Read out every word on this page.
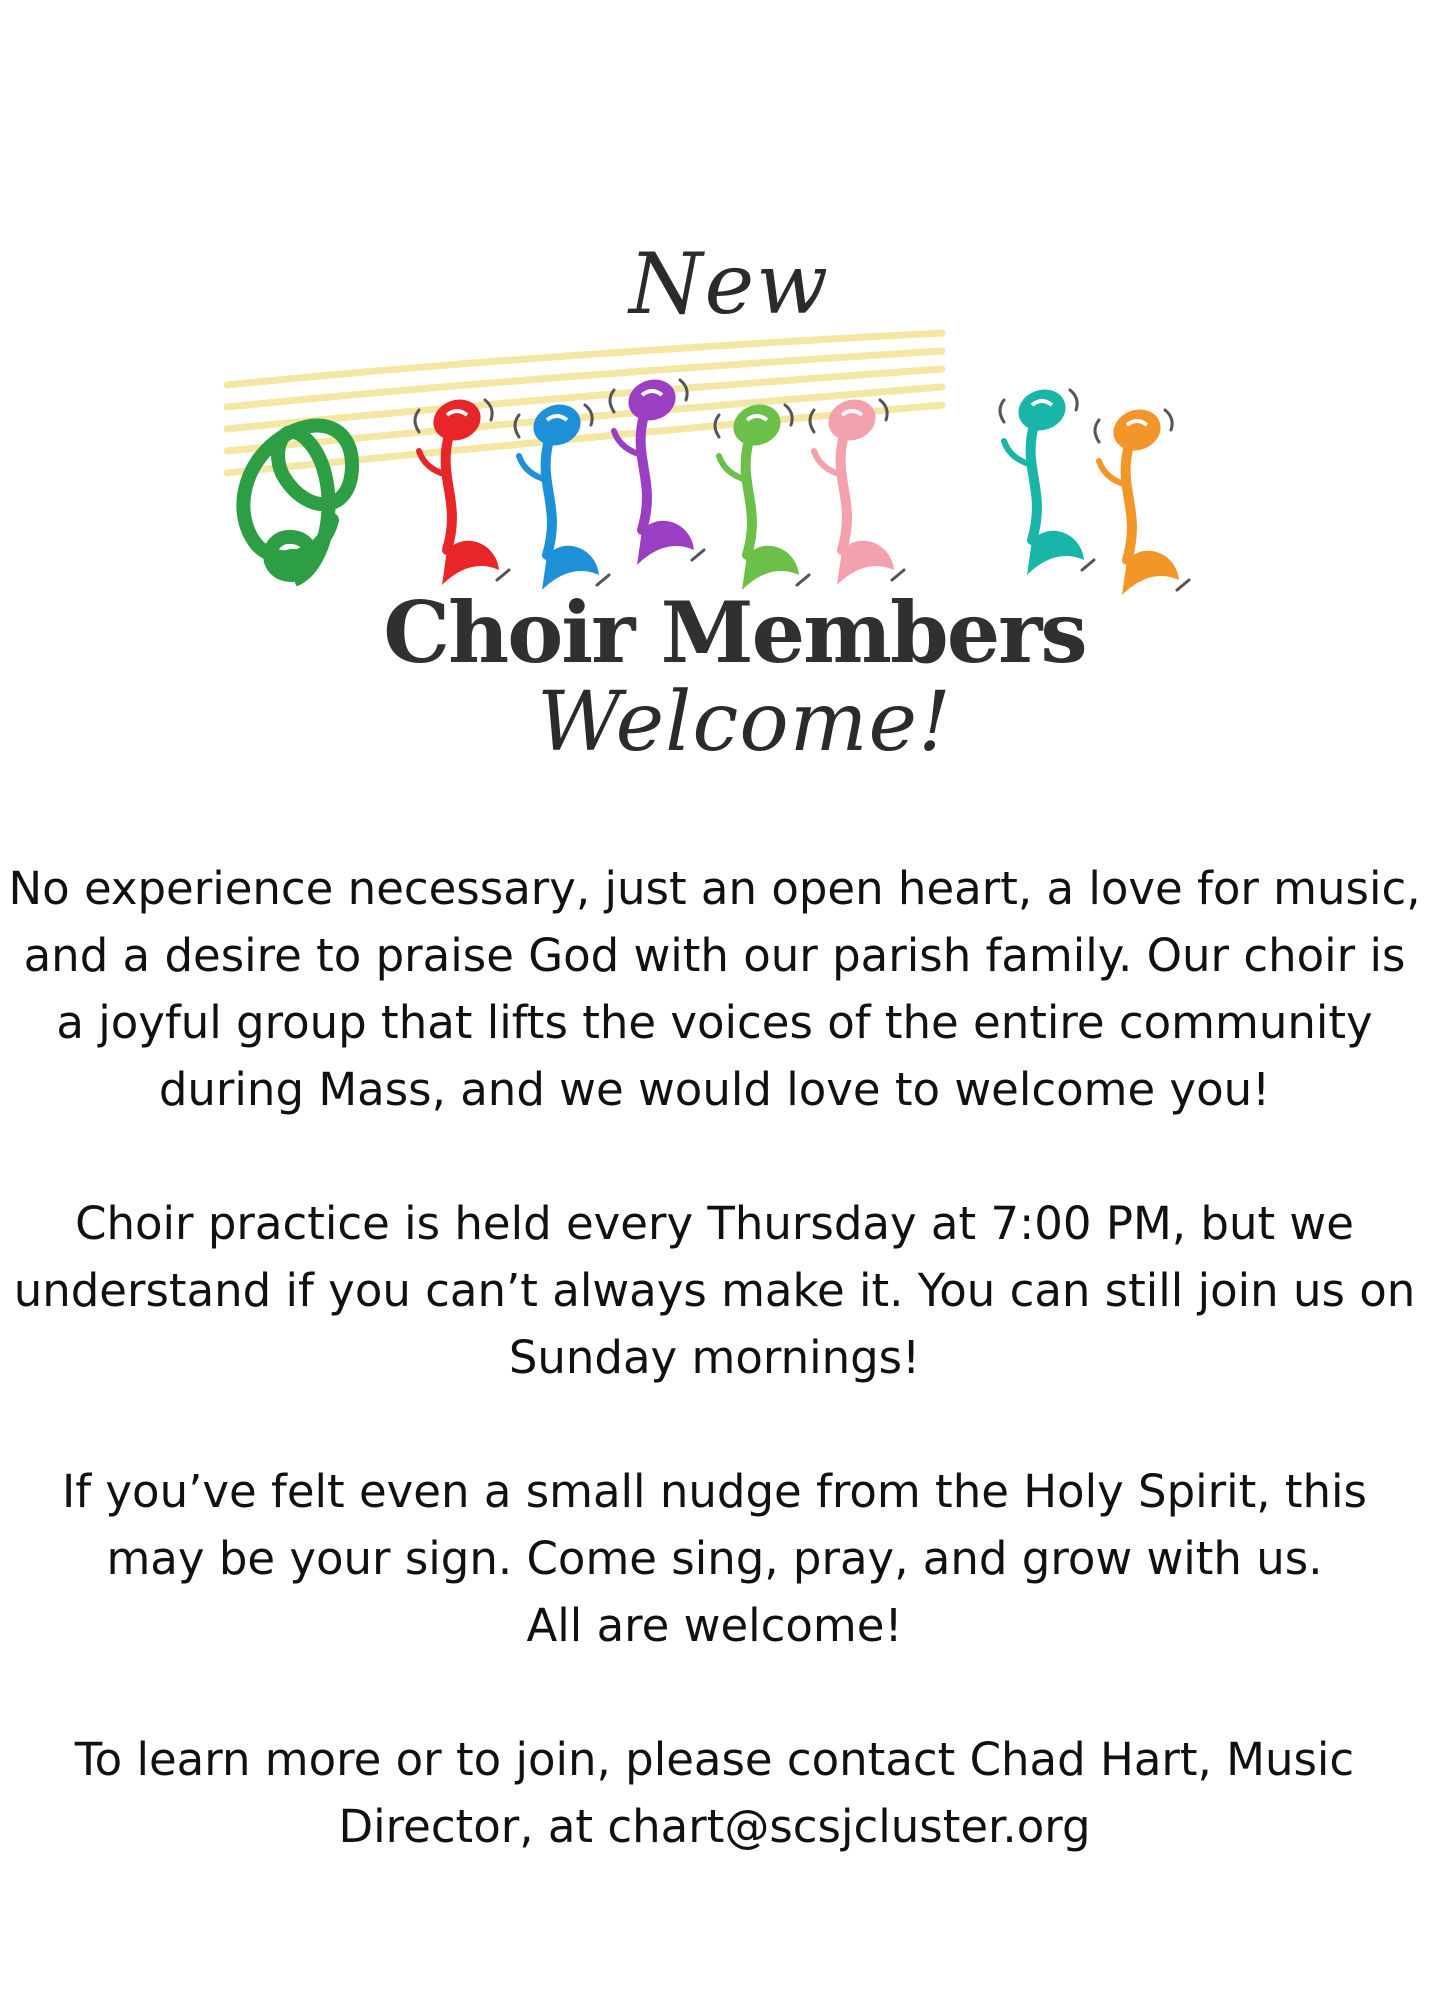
New
Choir Members
Welcome!

No experience necessary, just an open heart, a love for music,
and a desire to praise God with our parish family. Our choir is
a joyful group that lifts the voices of the entire community
during Mass, and we would love to welcome you!

Choir practice is held every Thursday at 7:00 PM, but we
understand if you can’t always make it. You can still join us on
Sunday mornings!

If you’ve felt even a small nudge from the Holy Spirit, this
may be your sign. Come sing, pray, and grow with us.
All are welcome!

To learn more or to join, please contact Chad Hart, Music
Director, at chart@scsjcluster.org
